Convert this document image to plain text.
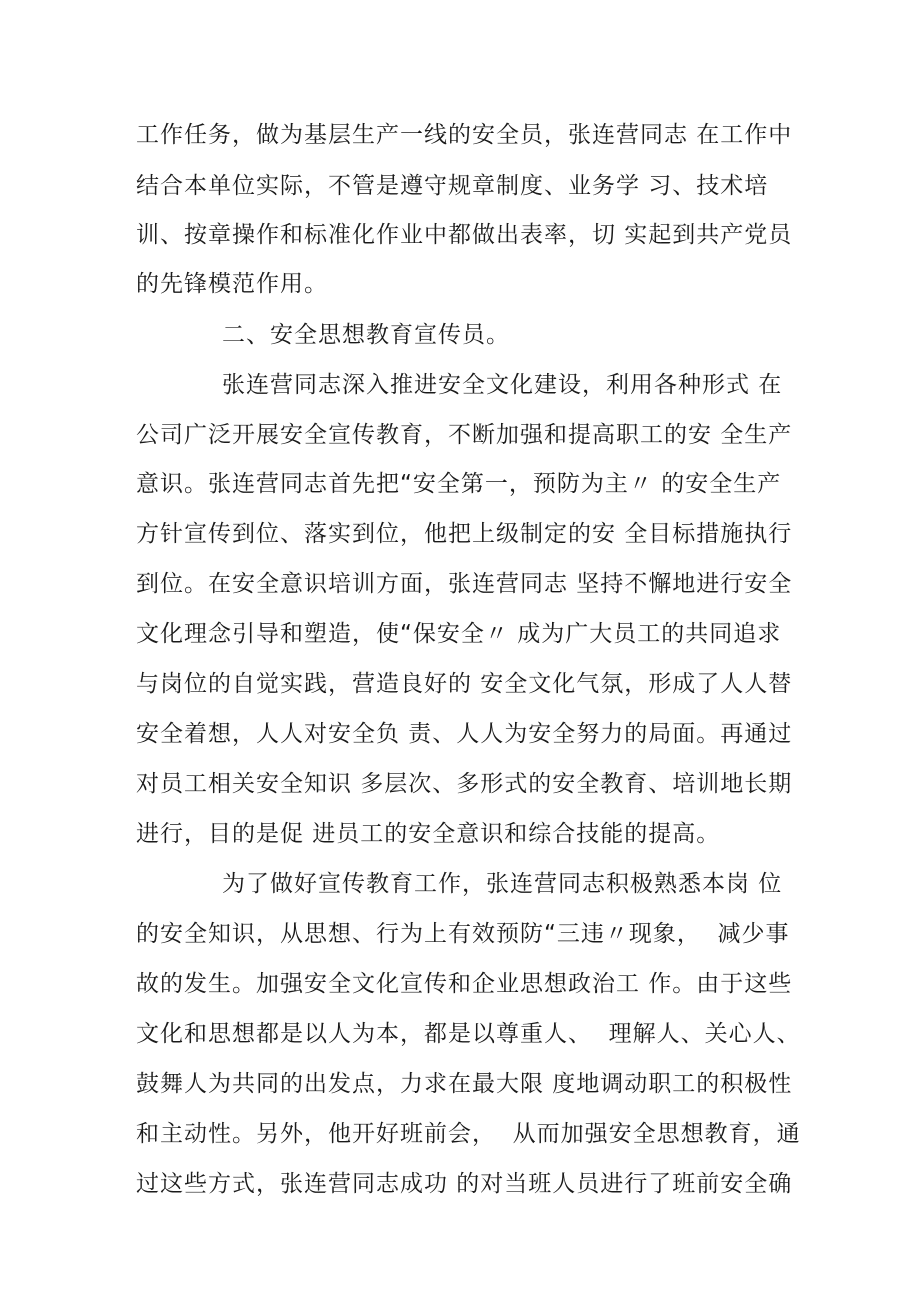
工作任务，做为基层生产一线的安全员，张连营同志 在工作中
结合本单位实际，不管是遵守规章制度、业务学 习、技术培
训、按章操作和标准化作业中都做出表率，切 实起到共产党员
的先锋模范作用。
二、安全思想教育宣传员。
张连营同志深入推进安全文化建设，利用各种形式 在
公司广泛开展安全宣传教育，不断加强和提高职工的安 全生产
意识。张连营同志首先把“安全第一，预防为主〃 的安全生产
方针宣传到位、落实到位，他把上级制定的安 全目标措施执行
到位。在安全意识培训方面，张连营同志 坚持不懈地进行安全
文化理念引导和塑造，使“保安全〃 成为广大员工的共同追求
与岗位的自觉实践，营造良好的 安全文化气氛，形成了人人替
安全着想，人人对安全负 责、人人为安全努力的局面。再通过
对员工相关安全知识 多层次、多形式的安全教育、培训地长期
进行，目的是促 进员工的安全意识和综合技能的提高。
为了做好宣传教育工作，张连营同志积极熟悉本岗 位
的安全知识，从思想、行为上有效预防“三违〃现象，  减少事
故的发生。加强安全文化宣传和企业思想政治工 作。由于这些
文化和思想都是以人为本，都是以尊重人、  理解人、关心人、
鼓舞人为共同的出发点，力求在最大限 度地调动职工的积极性
和主动性。另外，他开好班前会，  从而加强安全思想教育，通
过这些方式，张连营同志成功 的对当班人员进行了班前安全确
